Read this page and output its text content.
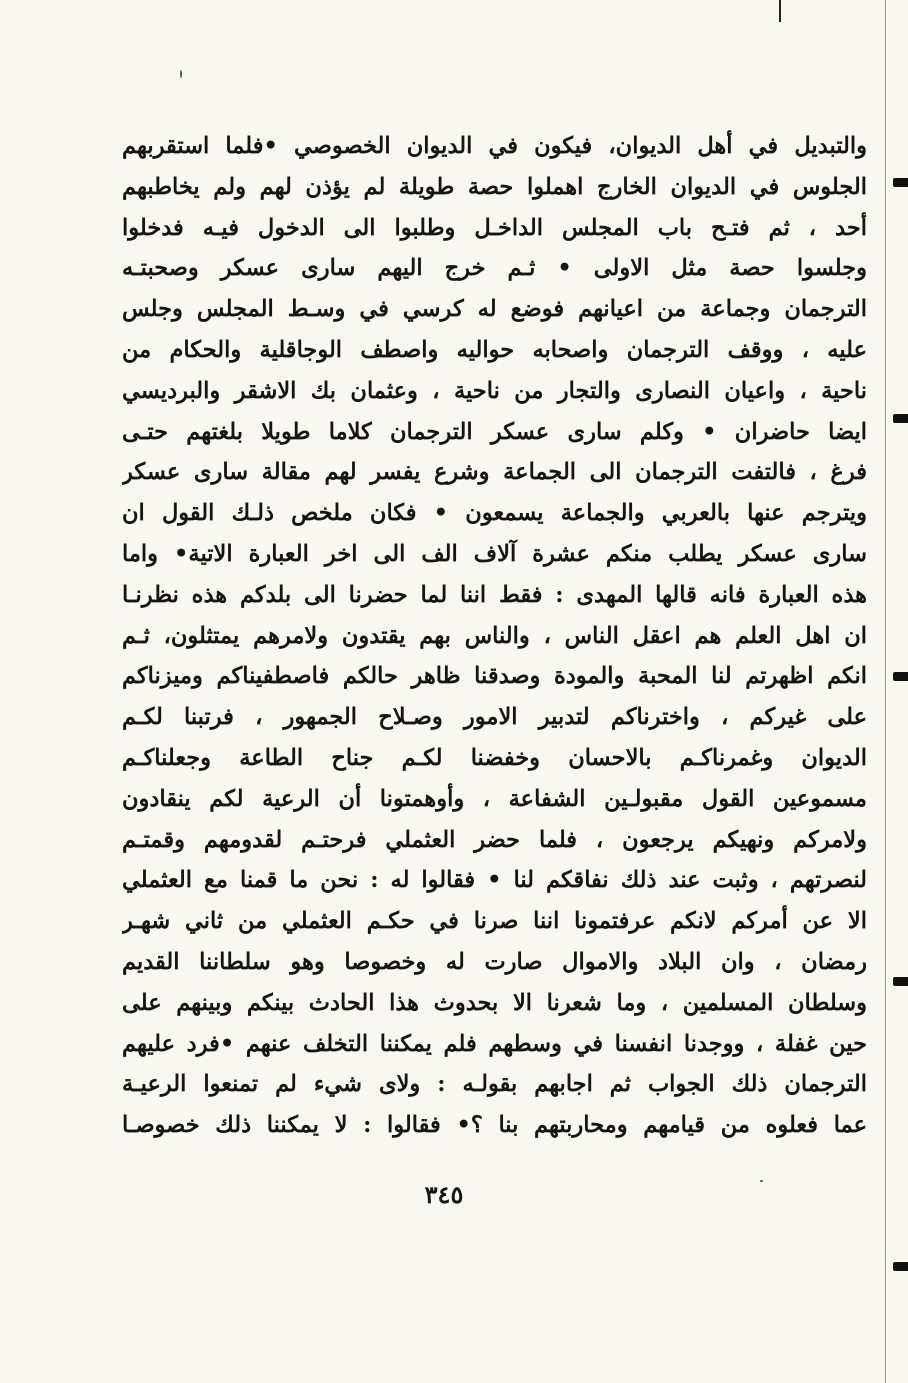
والتبديل في أهل الديوان، فيكون في الديوان الخصوصي •فلما استقربهم
الجلوس في الديوان الخارج اهملوا حصة طويلة لم يؤذن لهم ولم يخاطبهم
أحد ، ثم فتـح باب المجلس الداخـل وطلبوا الى الدخول فيـه فدخلوا
وجلسوا حصة مثل الاولى • ثـم خرج اليهم سارى عسكر وصحبتـه
الترجمان وجماعة من اعيانهم فوضع له كرسي في وسـط المجلس وجلس
عليه ، ووقف الترجمان واصحابه حواليه واصطف الوجاقلية والحكام من
ناحية ، واعيان النصارى والتجار من ناحية ، وعثمان بك الاشقر والبرديسي
ايضا حاضران • وكلم سارى عسكر الترجمان كلاما طويلا بلغتهم حتـى
فرغ ، فالتفت الترجمان الى الجماعة وشرع يفسر لهم مقالة سارى عسكر
ويترجم عنها بالعربي والجماعة يسمعون • فكان ملخص ذلـك القول ان
سارى عسكر يطلب منكم عشرة آلاف الف الى اخر العبارة الاتية• واما
هذه العبارة فانه قالها المهدى : فقط اننا لما حضرنا الى بلدكم هذه نظرنـا
ان اهل العلم هم اعقل الناس ، والناس بهم يقتدون ولامرهم يمتثلون، ثـم
انكم اظهرتم لنا المحبة والمودة وصدقنا ظاهر حالكم فاصطفيناكم وميزناكم
على غيركم ، واخترناكم لتدبير الامور وصـلاح الجمهور ، فرتبنا لكـم
الديوان وغمرناكـم بالاحسان وخفضنا لكـم جناح الطاعة وجعلناكـم
مسموعين القول مقبولـين الشفاعة ، وأوهمتونا أن الرعية لكم ينقادون
ولامركم ونهيكم يرجعون ، فلما حضر العثملي فرحتـم لقدومهم وقمتـم
لنصرتهم ، وثبت عند ذلك نفاقكم لنا • فقالوا له : نحن ما قمنا مع العثملي
الا عن أمركم لانكم عرفتمونا اننا صرنا في حكـم العثملي من ثاني شهـر
رمضان ، وان البلاد والاموال صارت له وخصوصا وهو سلطاننا القديم
وسلطان المسلمين ، وما شعرنا الا بحدوث هذا الحادث بينكم وبينهم على
حين غفلة ، ووجدنا انفسنا في وسطهم فلم يمكننا التخلف عنهم •فرد عليهم
الترجمان ذلك الجواب ثم اجابهم بقولـه : ولاى شيء لم تمنعوا الرعيـة
عما فعلوه من قيامهم ومحاربتهم بنا ؟• فقالوا : لا يمكننا ذلك خصوصـا
٣٤٥
